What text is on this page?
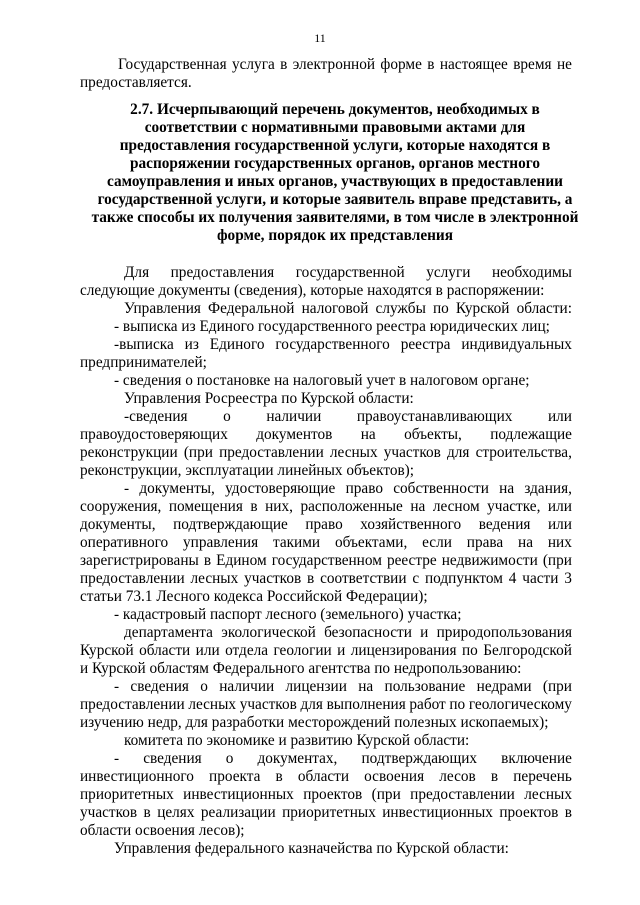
11
Государственная услуга в электронной форме в настоящее время не
предоставляется.
2.7. Исчерпывающий перечень документов, необходимых в
соответствии с нормативными правовыми актами для
предоставления государственной услуги, которые находятся в
распоряжении государственных органов, органов местного
самоуправления и иных органов, участвующих в предоставлении
государственной услуги, и которые заявитель вправе представить, а
также способы их получения заявителями, в том числе в электронной
форме, порядок их представления
Для предоставления государственной услуги необходимы
следующие документы (сведения), которые находятся в распоряжении:
Управления Федеральной налоговой службы по Курской области:
- выписка из Единого государственного реестра юридических лиц;
-выписка из Единого государственного реестра индивидуальных
предпринимателей;
- сведения о постановке на налоговый учет в налоговом органе;
Управления Росреестра по Курской области:
-сведения о наличии правоустанавливающих или
правоудостоверяющих документов на объекты, подлежащие
реконструкции (при предоставлении лесных участков для строительства,
реконструкции, эксплуатации линейных объектов);
- документы, удостоверяющие право собственности на здания,
сооружения, помещения в них, расположенные на лесном участке, или
документы, подтверждающие право хозяйственного ведения или
оперативного управления такими объектами, если права на них
зарегистрированы в Едином государственном реестре недвижимости (при
предоставлении лесных участков в соответствии с подпунктом 4 части 3
статьи 73.1 Лесного кодекса Российской Федерации);
- кадастровый паспорт лесного (земельного) участка;
департамента экологической безопасности и природопользования
Курской области или отдела геологии и лицензирования по Белгородской
и Курской областям Федерального агентства по недропользованию:
- сведения о наличии лицензии на пользование недрами (при
предоставлении лесных участков для выполнения работ по геологическому
изучению недр, для разработки месторождений полезных ископаемых);
комитета по экономике и развитию Курской области:
- сведения о документах, подтверждающих включение
инвестиционного проекта в области освоения лесов в перечень
приоритетных инвестиционных проектов (при предоставлении лесных
участков в целях реализации приоритетных инвестиционных проектов в
области освоения лесов);
Управления федерального казначейства по Курской области:
